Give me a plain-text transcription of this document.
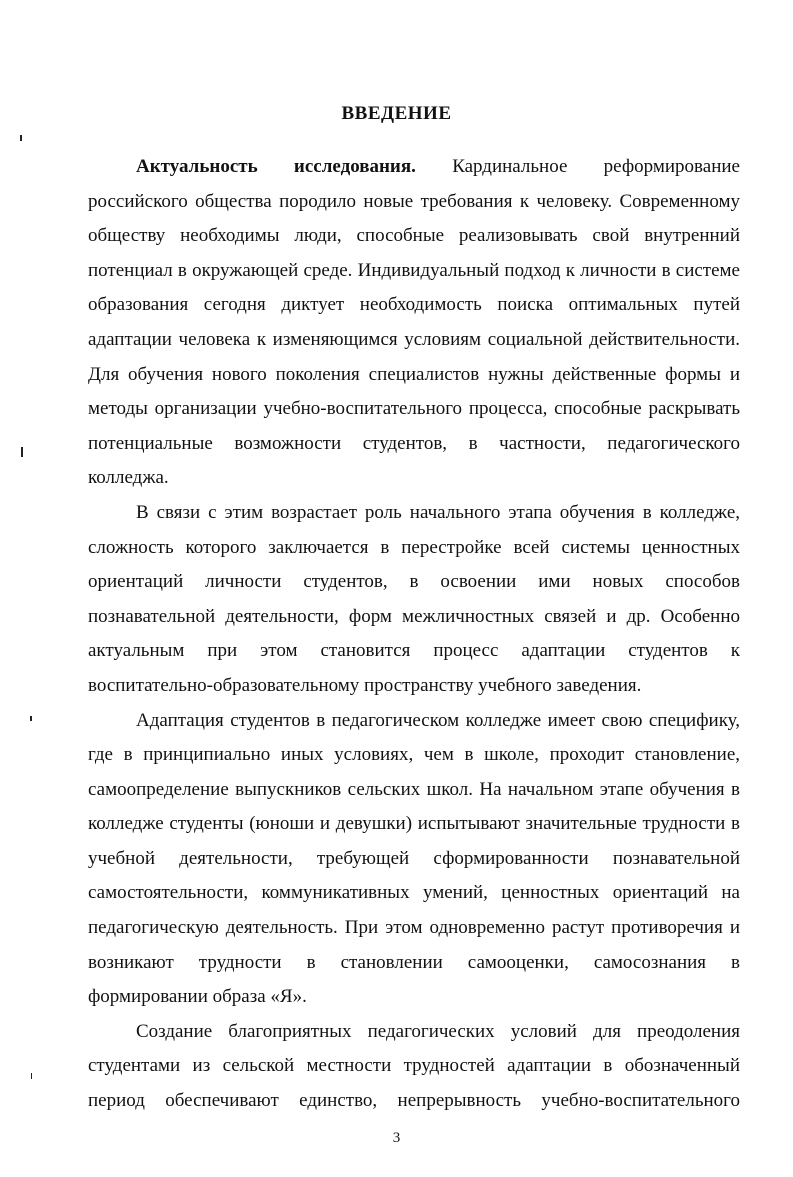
ВВЕДЕНИЕ

Актуальность исследования. Кардинальное реформирование российского общества породило новые требования к человеку. Современному обществу необходимы люди, способные реализовывать свой внутренний потенциал в окружающей среде. Индивидуальный подход к личности в системе образования сегодня диктует необходимость поиска оптимальных путей адаптации человека к изменяющимся условиям социальной действительности. Для обучения нового поколения специалистов нужны действенные формы и методы организации учебно-воспитательного процесса, способные раскрывать потенциальные возможности студентов, в частности, педагогического колледжа.

В связи с этим возрастает роль начального этапа обучения в колледже, сложность которого заключается в перестройке всей системы ценностных ориентаций личности студентов, в освоении ими новых способов познавательной деятельности, форм межличностных связей и др. Особенно актуальным при этом становится процесс адаптации студентов к воспитательно-образовательному пространству учебного заведения.

Адаптация студентов в педагогическом колледже имеет свою специфику, где в принципиально иных условиях, чем в школе, проходит становление, самоопределение выпускников сельских школ. На начальном этапе обучения в колледже студенты (юноши и девушки) испытывают значительные трудности в учебной деятельности, требующей сформированности познавательной самостоятельности, коммуникативных умений, ценностных ориентаций на педагогическую деятельность. При этом одновременно растут противоречия и возникают трудности в становлении самооценки, самосознания в формировании образа «Я».

Создание благоприятных педагогических условий для преодоления студентами из сельской местности трудностей адаптации в обозначенный период обеспечивают единство, непрерывность учебно-воспитательного

3
